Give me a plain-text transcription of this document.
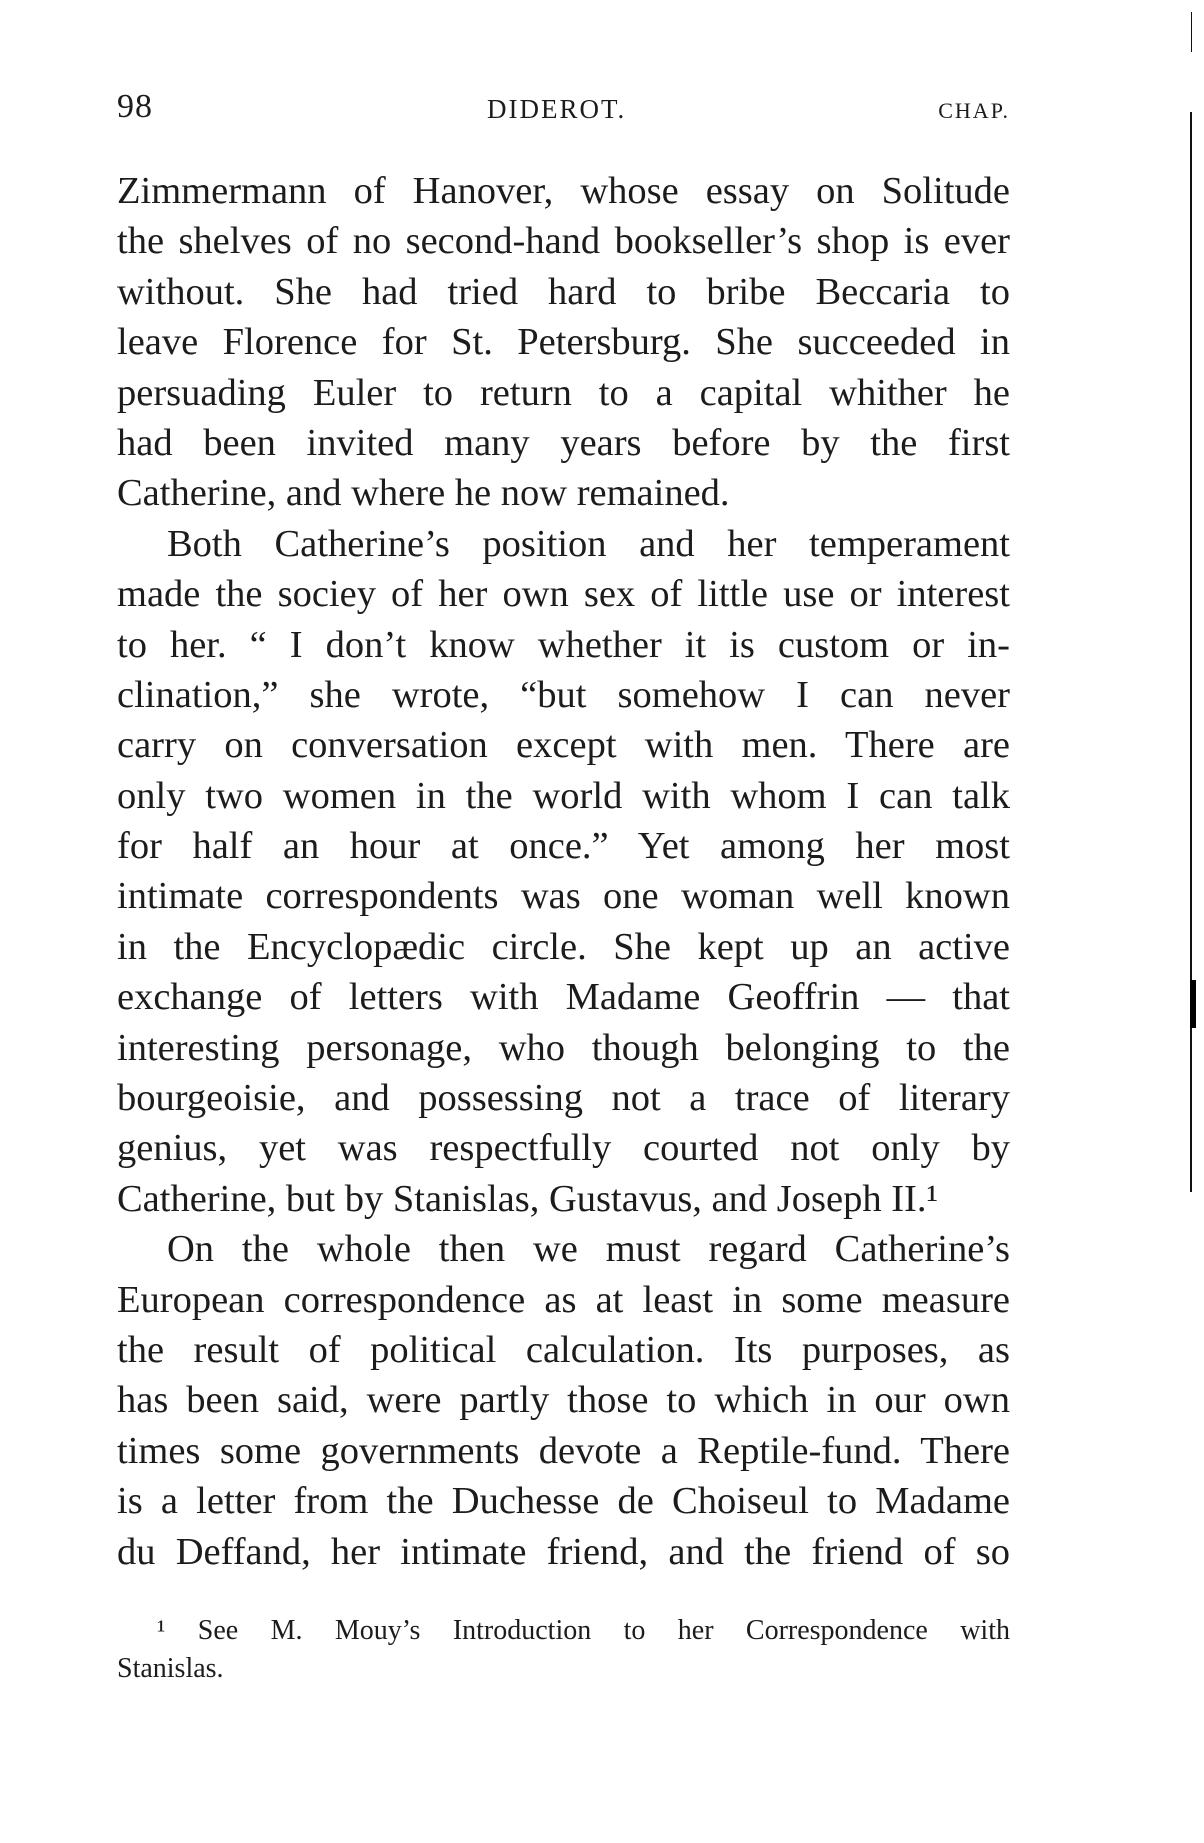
98	DIDEROT.	CHAP.
Zimmermann of Hanover, whose essay on Solitude
the shelves of no second-hand bookseller’s shop is ever
without. She had tried hard to bribe Beccaria to
leave Florence for St. Petersburg. She succeeded in
persuading Euler to return to a capital whither he
had been invited many years before by the first
Catherine, and where he now remained.
Both Catherine’s position and her temperament
made the sociey of her own sex of little use or interest
to her. “ I don’t know whether it is custom or in-
clination,” she wrote, “but somehow I can never
carry on conversation except with men. There are
only two women in the world with whom I can talk
for half an hour at once.” Yet among her most
intimate correspondents was one woman well known
in the Encyclopædic circle. She kept up an active
exchange of letters with Madame Geoffrin — that
interesting personage, who though belonging to the
bourgeoisie, and possessing not a trace of literary
genius, yet was respectfully courted not only by
Catherine, but by Stanislas, Gustavus, and Joseph II.¹
On the whole then we must regard Catherine’s
European correspondence as at least in some measure
the result of political calculation. Its purposes, as
has been said, were partly those to which in our own
times some governments devote a Reptile-fund. There
is a letter from the Duchesse de Choiseul to Madame
du Deffand, her intimate friend, and the friend of so
¹ See M. Mouy’s Introduction to her Correspondence with
Stanislas.
